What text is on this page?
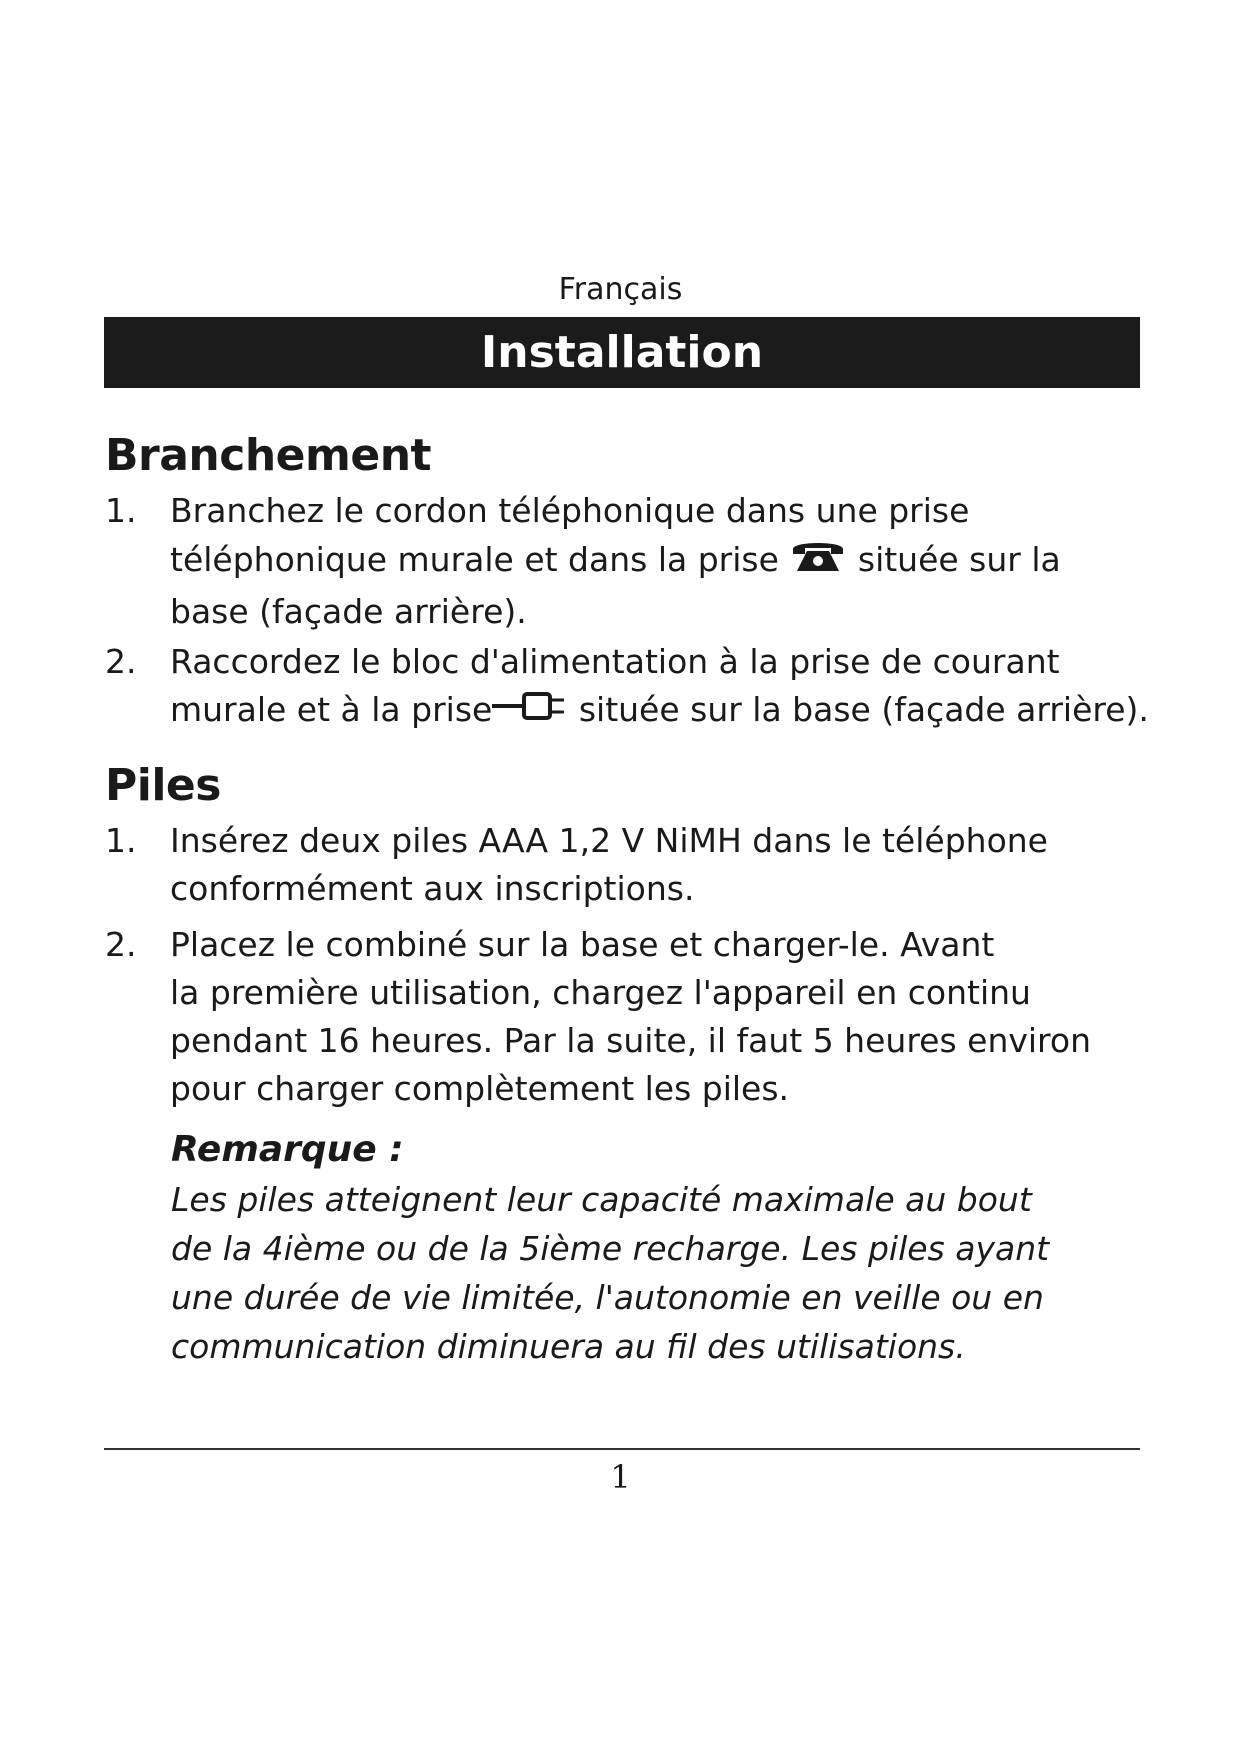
Français
Installation
Branchement
1.	Branchez le cordon téléphonique dans une prise
téléphonique murale et dans la prise située sur la
base (façade arrière).
2.	Raccordez le bloc d'alimentation à la prise de courant
murale et à la prise	située sur la base (façade arrière).
Piles
1.	Insérez deux piles AAA 1,2 V NiMH dans le téléphone
conformément aux inscriptions.
2.	Placez le combiné sur la base et charger-le. Avant
la première utilisation, chargez l'appareil en continu
pendant 16 heures. Par la suite, il faut 5 heures environ
pour charger complètement les piles.
Remarque :
Les piles atteignent leur capacité maximale au bout
de la 4ième ou de la 5ième recharge. Les piles ayant
une durée de vie limitée, l'autonomie en veille ou en
communication diminuera au fil des utilisations.
1
